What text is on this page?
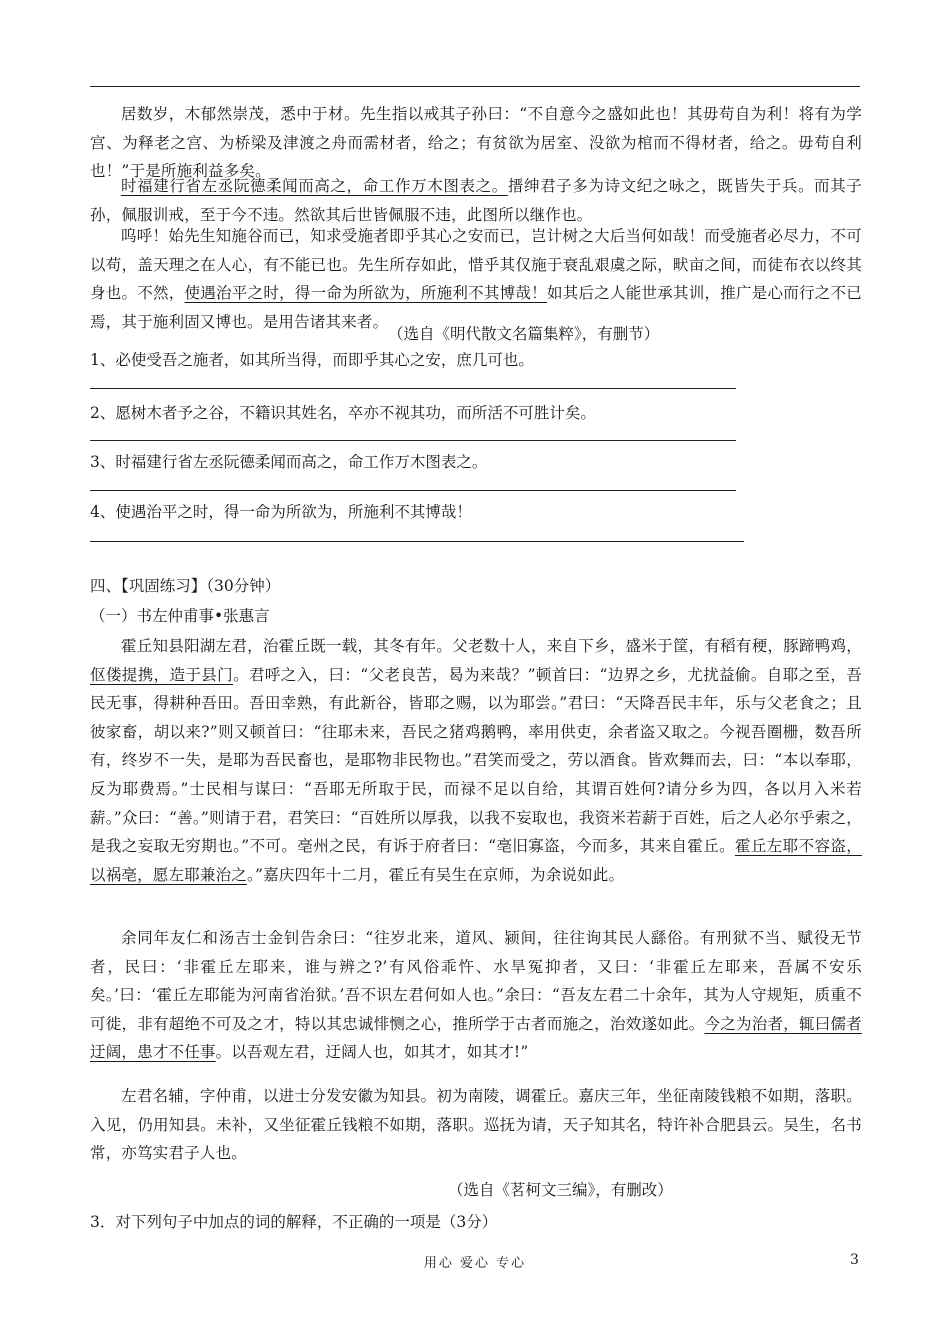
居数岁，木郁然崇茂，悉中于材。先生指以戒其子孙曰：“不自意今之盛如此也！其毋苟自为利！将有为学宫、为释老之宫、为桥梁及津渡之舟而需材者，给之；有贫欲为居室、没欲为棺而不得材者，给之。毋苟自利也！”于是所施利益多矣。
时福建行省左丞阮德柔闻而高之，命工作万木图表之。搢绅君子多为诗文纪之咏之，既皆失于兵。而其子孙，佩服训戒，至于今不违。然欲其后世皆佩服不违，此图所以继作也。
呜呼！始先生知施谷而已，知求受施者即乎其心之安而已，岂计树之大后当何如哉！而受施者必尽力，不可以苟，盖天理之在人心，有不能已也。先生所存如此，惜乎其仅施于衰乱艰虞之际，畎亩之间，而徒布衣以终其身也。不然，使遇治平之时，得一命为所欲为，所施利不其博哉！如其后之人能世承其训，推广是心而行之不已焉，其于施利固又博也。是用告诸其来者。
（选自《明代散文名篇集粹》，有删节）
1、必使受吾之施者，如其所当得，而即乎其心之安，庶几可也。
2、愿树木者予之谷，不籍识其姓名，卒亦不视其功，而所活不可胜计矣。
3、时福建行省左丞阮德柔闻而高之，命工作万木图表之。
4、使遇治平之时，得一命为所欲为，所施利不其博哉！
四、【巩固练习】（30分钟）
（一）书左仲甫事•张惠言
霍丘知县阳湖左君，治霍丘既一载，其冬有年。父老数十人，来自下乡，盛米于筐，有稻有稉，豚蹄鸭鸡，伛偻提携，造于县门。君呼之入，曰：“父老良苦，曷为来哉？”顿首曰：“边界之乡，尤扰益偷。自耶之至，吾民无事，得耕种吾田。吾田幸熟，有此新谷，皆耶之赐，以为耶尝。”君曰：“天降吾民丰年，乐与父老食之；且彼家畜，胡以来?”则又顿首曰：“往耶未来，吾民之猪鸡鹅鸭，率用供吏，余者盗又取之。今视吾圈栅，数吾所有，终岁不一失，是耶为吾民畜也，是耶物非民物也。”君笑而受之，劳以酒食。皆欢舞而去，曰：“本以奉耶，反为耶费焉。”士民相与谋曰：“吾耶无所取于民，而禄不足以自给，其谓百姓何?请分乡为四，各以月入米若薪。”众曰：“善。”则请于君，君笑曰：“百姓所以厚我，以我不妄取也，我资米若薪于百姓，后之人必尔乎索之，是我之妄取无穷期也。”不可。亳州之民，有诉于府者曰：“亳旧寡盗，今而多，其来自霍丘。霍丘左耶不容盗，以祸亳，愿左耶兼治之。”嘉庆四年十二月，霍丘有吴生在京师，为余说如此。
余同年友仁和汤吉士金钊告余曰：“往岁北来，道风、颍间，往往询其民人繇俗。有刑狱不当、赋役无节者，民曰：‘非霍丘左耶来，谁与辨之?’有风俗乖忤、水旱冤抑者，又曰：‘非霍丘左耶来，吾属不安乐矣。’曰：‘霍丘左耶能为河南省治狱。’吾不识左君何如人也。”余曰：“吾友左君二十余年，其为人守规矩，质重不可徙，非有超绝不可及之才，特以其忠诚悱恻之心，推所学于古者而施之，治效遂如此。今之为治者，辄曰儒者迂阔，患才不任事。以吾观左君，迂阔人也，如其才，如其才!”
左君名辅，字仲甫，以进士分发安徽为知县。初为南陵，调霍丘。嘉庆三年，坐征南陵钱粮不如期，落职。入见，仍用知县。未补，又坐征霍丘钱粮不如期，落职。巡抚为请，天子知其名，特许补合肥县云。吴生，名书常，亦笃实君子人也。
（选自《茗柯文三编》，有删改）
3．对下列句子中加点的词的解释，不正确的一项是（3分）
用心 爱心 专心	3
